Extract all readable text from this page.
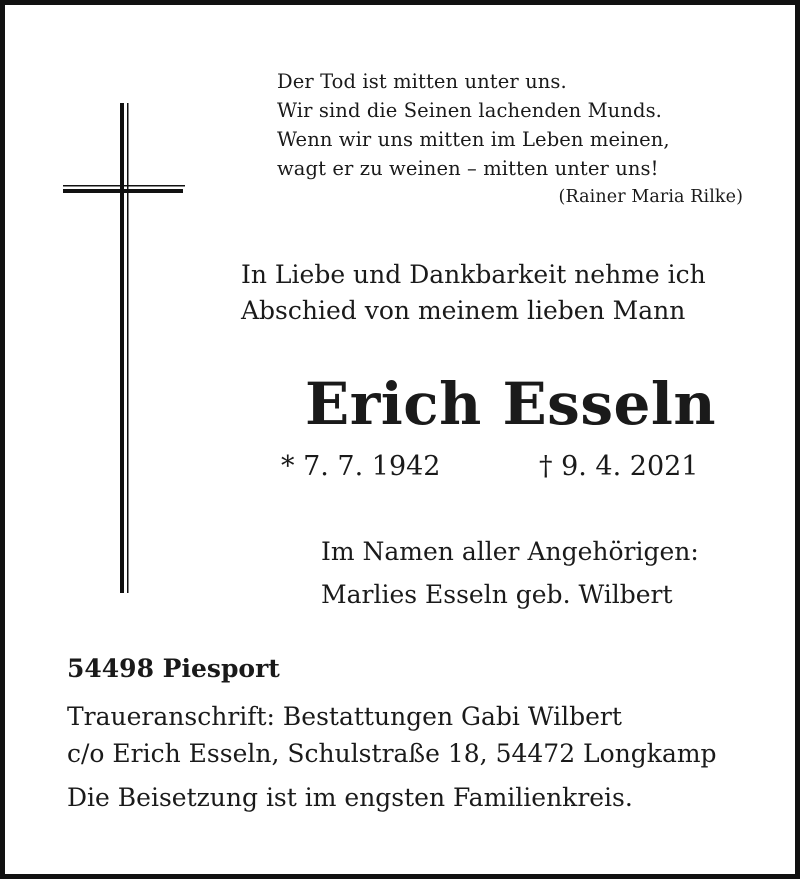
Der Tod ist mitten unter uns.
Wir sind die Seinen lachenden Munds.
Wenn wir uns mitten im Leben meinen,
wagt er zu weinen – mitten unter uns!
(Rainer Maria Rilke)
In Liebe und Dankbarkeit nehme ich
Abschied von meinem lieben Mann
Erich Esseln
* 7. 7. 1942	† 9. 4. 2021
Im Namen aller Angehörigen:
Marlies Esseln geb. Wilbert
54498 Piesport
Traueranschrift: Bestattungen Gabi Wilbert
c/o Erich Esseln, Schulstraße 18, 54472 Longkamp
Die Beisetzung ist im engsten Familienkreis.
